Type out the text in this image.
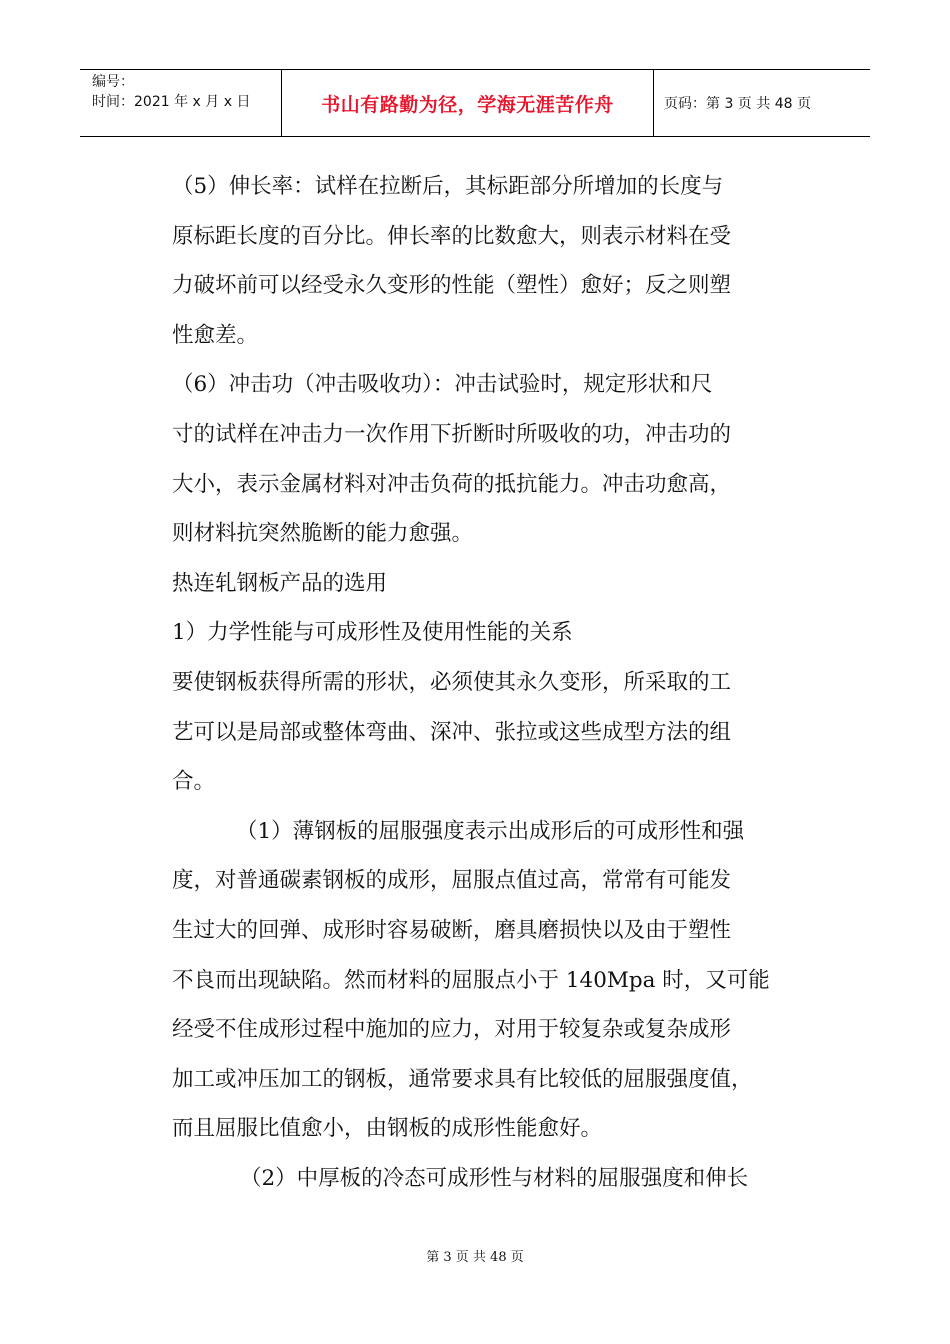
编号：
时间：2021 年 x 月 x 日	书山有路勤为径，学海无涯苦作舟	页码：第 3 页 共 48 页
（5）伸长率：试样在拉断后，其标距部分所增加的长度与
原标距长度的百分比。伸长率的比数愈大，则表示材料在受
力破坏前可以经受永久变形的性能（塑性）愈好；反之则塑
性愈差。
（6）冲击功（冲击吸收功）：冲击试验时，规定形状和尺
寸的试样在冲击力一次作用下折断时所吸收的功，冲击功的
大小，表示金属材料对冲击负荷的抵抗能力。冲击功愈高，
则材料抗突然脆断的能力愈强。
热连轧钢板产品的选用
1）力学性能与可成形性及使用性能的关系
要使钢板获得所需的形状，必须使其永久变形，所采取的工
艺可以是局部或整体弯曲、深冲、张拉或这些成型方法的组
合。
（1）薄钢板的屈服强度表示出成形后的可成形性和强
度，对普通碳素钢板的成形，屈服点值过高，常常有可能发
生过大的回弹、成形时容易破断，磨具磨损快以及由于塑性
不良而出现缺陷。然而材料的屈服点小于 140Mpa 时，又可能
经受不住成形过程中施加的应力，对用于较复杂或复杂成形
加工或冲压加工的钢板，通常要求具有比较低的屈服强度值，
而且屈服比值愈小，由钢板的成形性能愈好。
（2）中厚板的冷态可成形性与材料的屈服强度和伸长
第 3 页 共 48 页
